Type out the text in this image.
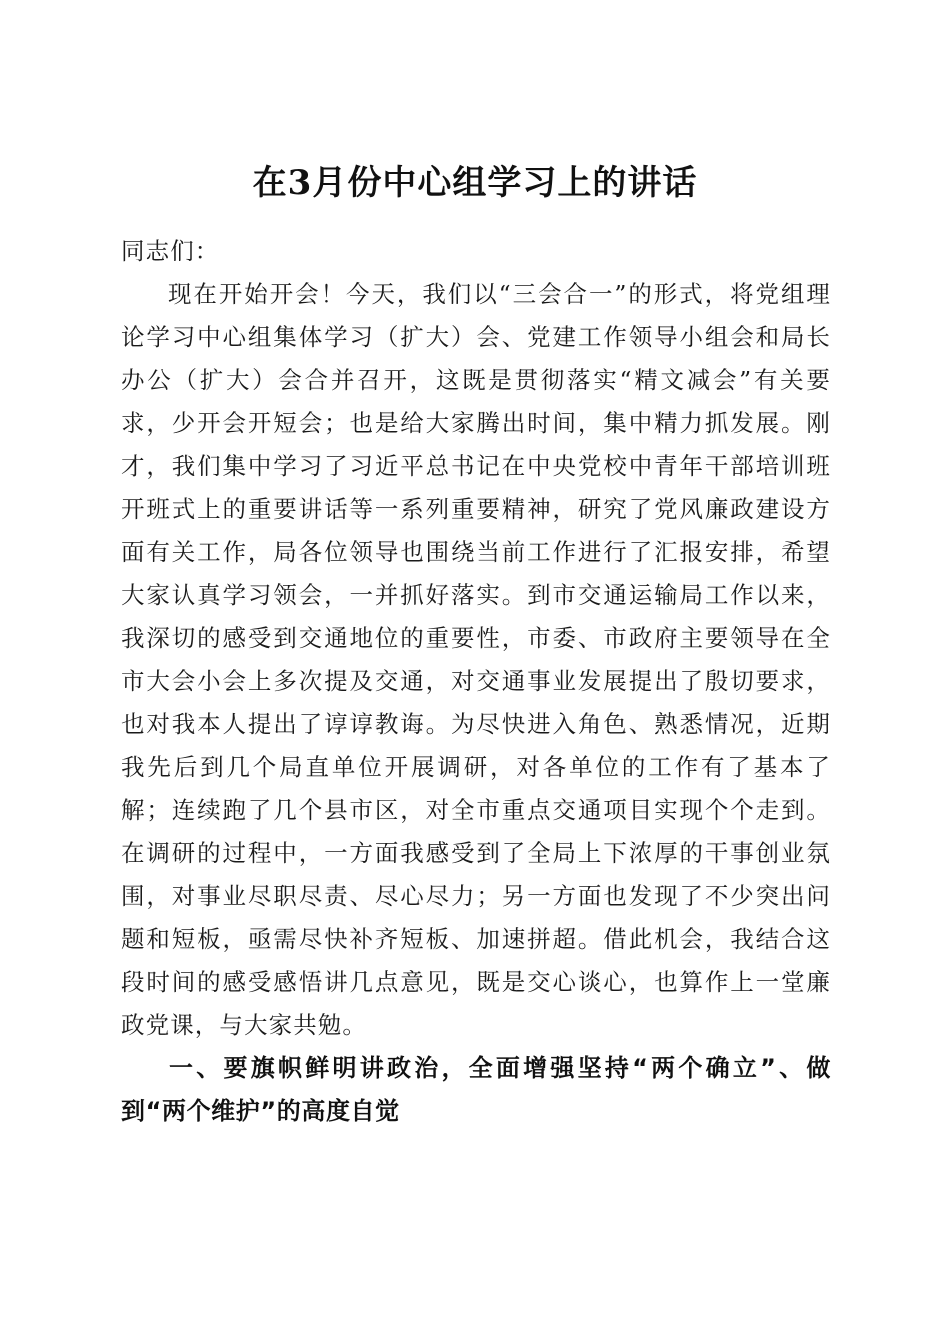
在3月份中心组学习上的讲话

同志们：

现在开始开会！今天，我们以“三会合一”的形式，将党组理论学习中心组集体学习（扩大）会、党建工作领导小组会和局长办公（扩大）会合并召开，这既是贯彻落实“精文减会”有关要求，少开会开短会；也是给大家腾出时间，集中精力抓发展。刚才，我们集中学习了习近平总书记在中央党校中青年干部培训班开班式上的重要讲话等一系列重要精神，研究了党风廉政建设方面有关工作，局各位领导也围绕当前工作进行了汇报安排，希望大家认真学习领会，一并抓好落实。到市交通运输局工作以来，我深切的感受到交通地位的重要性，市委、市政府主要领导在全市大会小会上多次提及交通，对交通事业发展提出了殷切要求，也对我本人提出了谆谆教诲。为尽快进入角色、熟悉情况，近期我先后到几个局直单位开展调研，对各单位的工作有了基本了解；连续跑了几个县市区，对全市重点交通项目实现个个走到。在调研的过程中，一方面我感受到了全局上下浓厚的干事创业氛围，对事业尽职尽责、尽心尽力；另一方面也发现了不少突出问题和短板，亟需尽快补齐短板、加速拼超。借此机会，我结合这段时间的感受感悟讲几点意见，既是交心谈心，也算作上一堂廉政党课，与大家共勉。

一、要旗帜鲜明讲政治，全面增强坚持“两个确立”、做到“两个维护”的高度自觉
